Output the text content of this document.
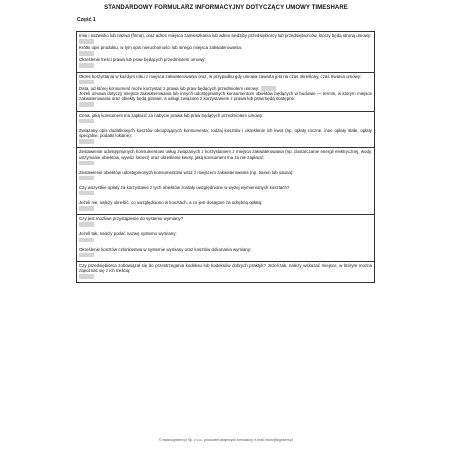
STANDARDOWY FORMULARZ INFORMACYJNY DOTYCZĄCY UMOWY TIMESHARE
Część 1
Imię i nazwisko lub nazwa (firma), oraz adres miejsca zamieszkania lub adres siedziby przedsiębiorcy lub przedsiębiorców, którzy będą stroną umowy:
Krótki opis produktu, w tym opis nieruchomości lub innego miejsca zakwaterowania:
Określenie treści prawa lub praw będących przedmiotem umowy:
Okres korzystania w każdym roku z miejsca zakwaterowania oraz, w przypadku gdy umowa zawarta jest na czas określony, czas trwania umowy:
Data, od której konsument może korzystać z prawa lub praw będących przedmiotem umowy:
Jeżeli umowa dotyczy miejsca zakwaterowania lub innych udostępnianych konsumentom obiektów będących w budowie — termin, w którym miejsce zakwaterowania oraz obiekty będą gotowe, a usługi związane z korzystaniem z prawa lub praw będą dostępne:
Cena, jaką konsument ma zapłacić za nabycie prawa lub praw będących przedmiotem umowy:
Związany opis dodatkowych kosztów obciążających konsumenta; rodzaj kosztów i określenie ich kwot (np. opłaty roczne, inne opłaty stałe, opłaty specjalne, podatki lokalne):
Zestawienie udostępnionych konsumentowi usług związanych z korzystaniem z miejsca zakwaterowania (np. dostarczanie energii elektrycznej, wody, utrzymanie obiektów, wywóz śmieci) oraz określenie kwoty, jaką konsument ma za nie zapłacić:
Zestawienie obiektów udostępnionych konsumentowi wraz z miejscem zakwaterowania (np. basen lub sauna):
Czy wszystkie opłaty za korzystanie z tych obiektów zostały uwzględnione w wyżej wymienionych kosztach?
Jeżeli nie, należy określić, co uwzględniono w kosztach, a co jest dostępne za odrębną opłatą:
Czy jest możliwe przystąpienie do systemu wymiany?
Jeżeli tak, należy podać nazwę systemu wymiany:
Określenie kosztów członkostwa w systemie wymiany oraz kosztów dokonania wymiany:
Czy przedsiębiorca zobowiązał się do przestrzegania kodeksu lub kodeksów dobrych praktyk? Jeżeli tak, należy wskazać miejsce, w którym można zapoznać się z ich treścią:
© www.signform.pl Sp. z o.o., producent aktywnych formularzy, e-mail: biuro@signform.pl
